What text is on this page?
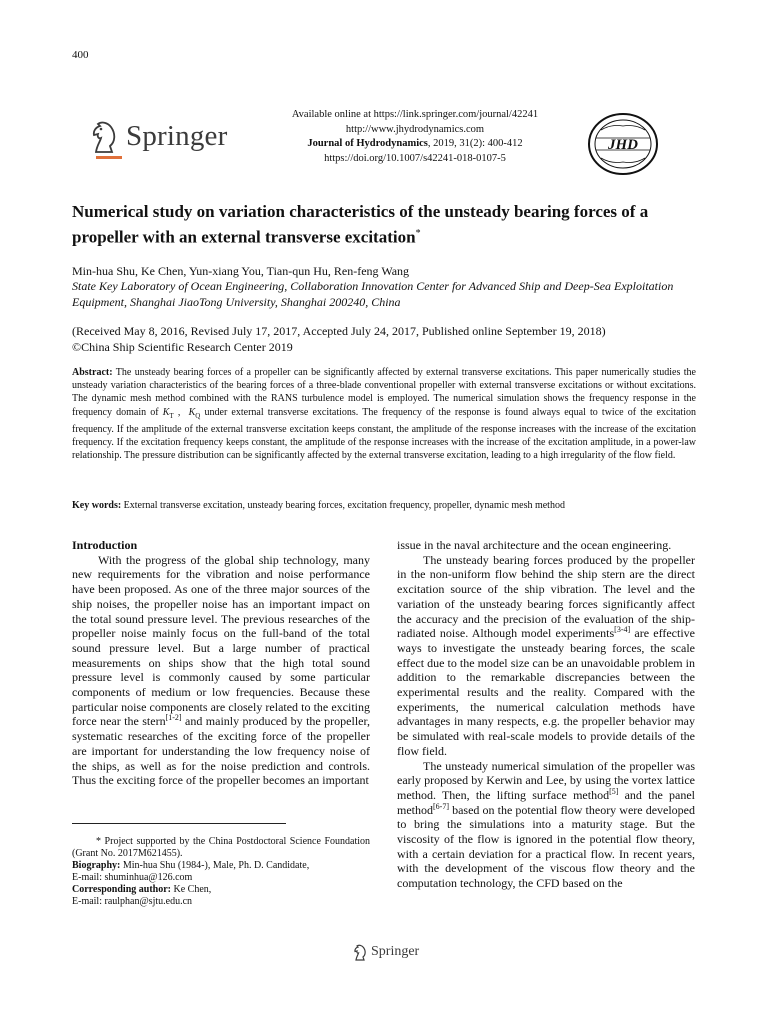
400
Springer
Available online at https://link.springer.com/journal/42241
http://www.jhydrodynamics.com
Journal of Hydrodynamics, 2019, 31(2): 400-412
https://doi.org/10.1007/s42241-018-0107-5
JHD
Numerical study on variation characteristics of the unsteady bearing forces of a propeller with an external transverse excitation*
Min-hua Shu, Ke Chen, Yun-xiang You, Tian-qun Hu, Ren-feng Wang
State Key Laboratory of Ocean Engineering, Collaboration Innovation Center for Advanced Ship and Deep-Sea Exploitation Equipment, Shanghai JiaoTong University, Shanghai 200240, China
(Received May 8, 2016, Revised July 17, 2017, Accepted July 24, 2017, Published online September 19, 2018)
©China Ship Scientific Research Center 2019
Abstract: The unsteady bearing forces of a propeller can be significantly affected by external transverse excitations. This paper numerically studies the unsteady variation characteristics of the bearing forces of a three-blade conventional propeller with external transverse excitations or without excitations. The dynamic mesh method combined with the RANS turbulence model is employed. The numerical simulation shows the frequency response in the frequency domain of $K_T$ ,  $K_Q$ under external transverse excitations. The frequency of the response is found always equal to twice of the excitation frequency. If the amplitude of the external transverse excitation keeps constant, the amplitude of the response increases with the increase of the excitation frequency. If the excitation frequency keeps constant, the amplitude of the response increases with the increase of the excitation amplitude, in a power-law relationship. The pressure distribution can be significantly affected by the external transverse excitation, leading to a high irregularity of the flow field.
Key words: External transverse excitation, unsteady bearing forces, excitation frequency, propeller, dynamic mesh method
Introduction

With the progress of the global ship technology, many new requirements for the vibration and noise performance have been proposed. As one of the three major sources of the ship noises, the propeller noise has an important impact on the total sound pressure level. The previous researches of the propeller noise mainly focus on the full-band of the total sound pressure level. But a large number of practical measurements on ships show that the high total sound pressure level is commonly caused by some particular components of medium or low frequencies. Because these particular noise components are closely related to the exciting force near the stern[1-2] and mainly produced by the propeller, systematic researches of the exciting force of the propeller are important for understanding the low frequency noise of the ships, as well as for the noise prediction and controls. Thus the exciting force of the propeller becomes an important

issue in the naval architecture and the ocean engineering.

The unsteady bearing forces produced by the propeller in the non-uniform flow behind the ship stern are the direct excitation source of the ship vibration. The level and the variation of the unsteady bearing forces significantly affect the accuracy and the precision of the evaluation of the ship-radiated noise. Although model experiments[3-4] are effective ways to investigate the unsteady bearing forces, the scale effect due to the model size can be an unavoidable problem in addition to the remarkable discrepancies between the experimental results and the reality. Compared with the experiments, the numerical calculation methods have advantages in many respects, e.g. the propeller behavior may be simulated with real-scale models to provide details of the flow field.

The unsteady numerical simulation of the propeller was early proposed by Kerwin and Lee, by using the vortex lattice method. Then, the lifting surface method[5] and the panel method[6-7] based on the potential flow theory were developed to bring the simulations into a maturity stage. But the viscosity of the flow is ignored in the potential flow theory, with a certain deviation for a practical flow. In recent years, with the development of the viscous flow theory and the computation technology, the CFD based on the

* Project supported by the China Postdoctoral Science Foundation (Grant No. 2017M621455).

Biography: Min-hua Shu (1984-), Male, Ph. D. Candidate,

E-mail: shuminhua@126.com

Corresponding author: Ke Chen,

E-mail: raulphan@sjtu.edu.cn

Springer
